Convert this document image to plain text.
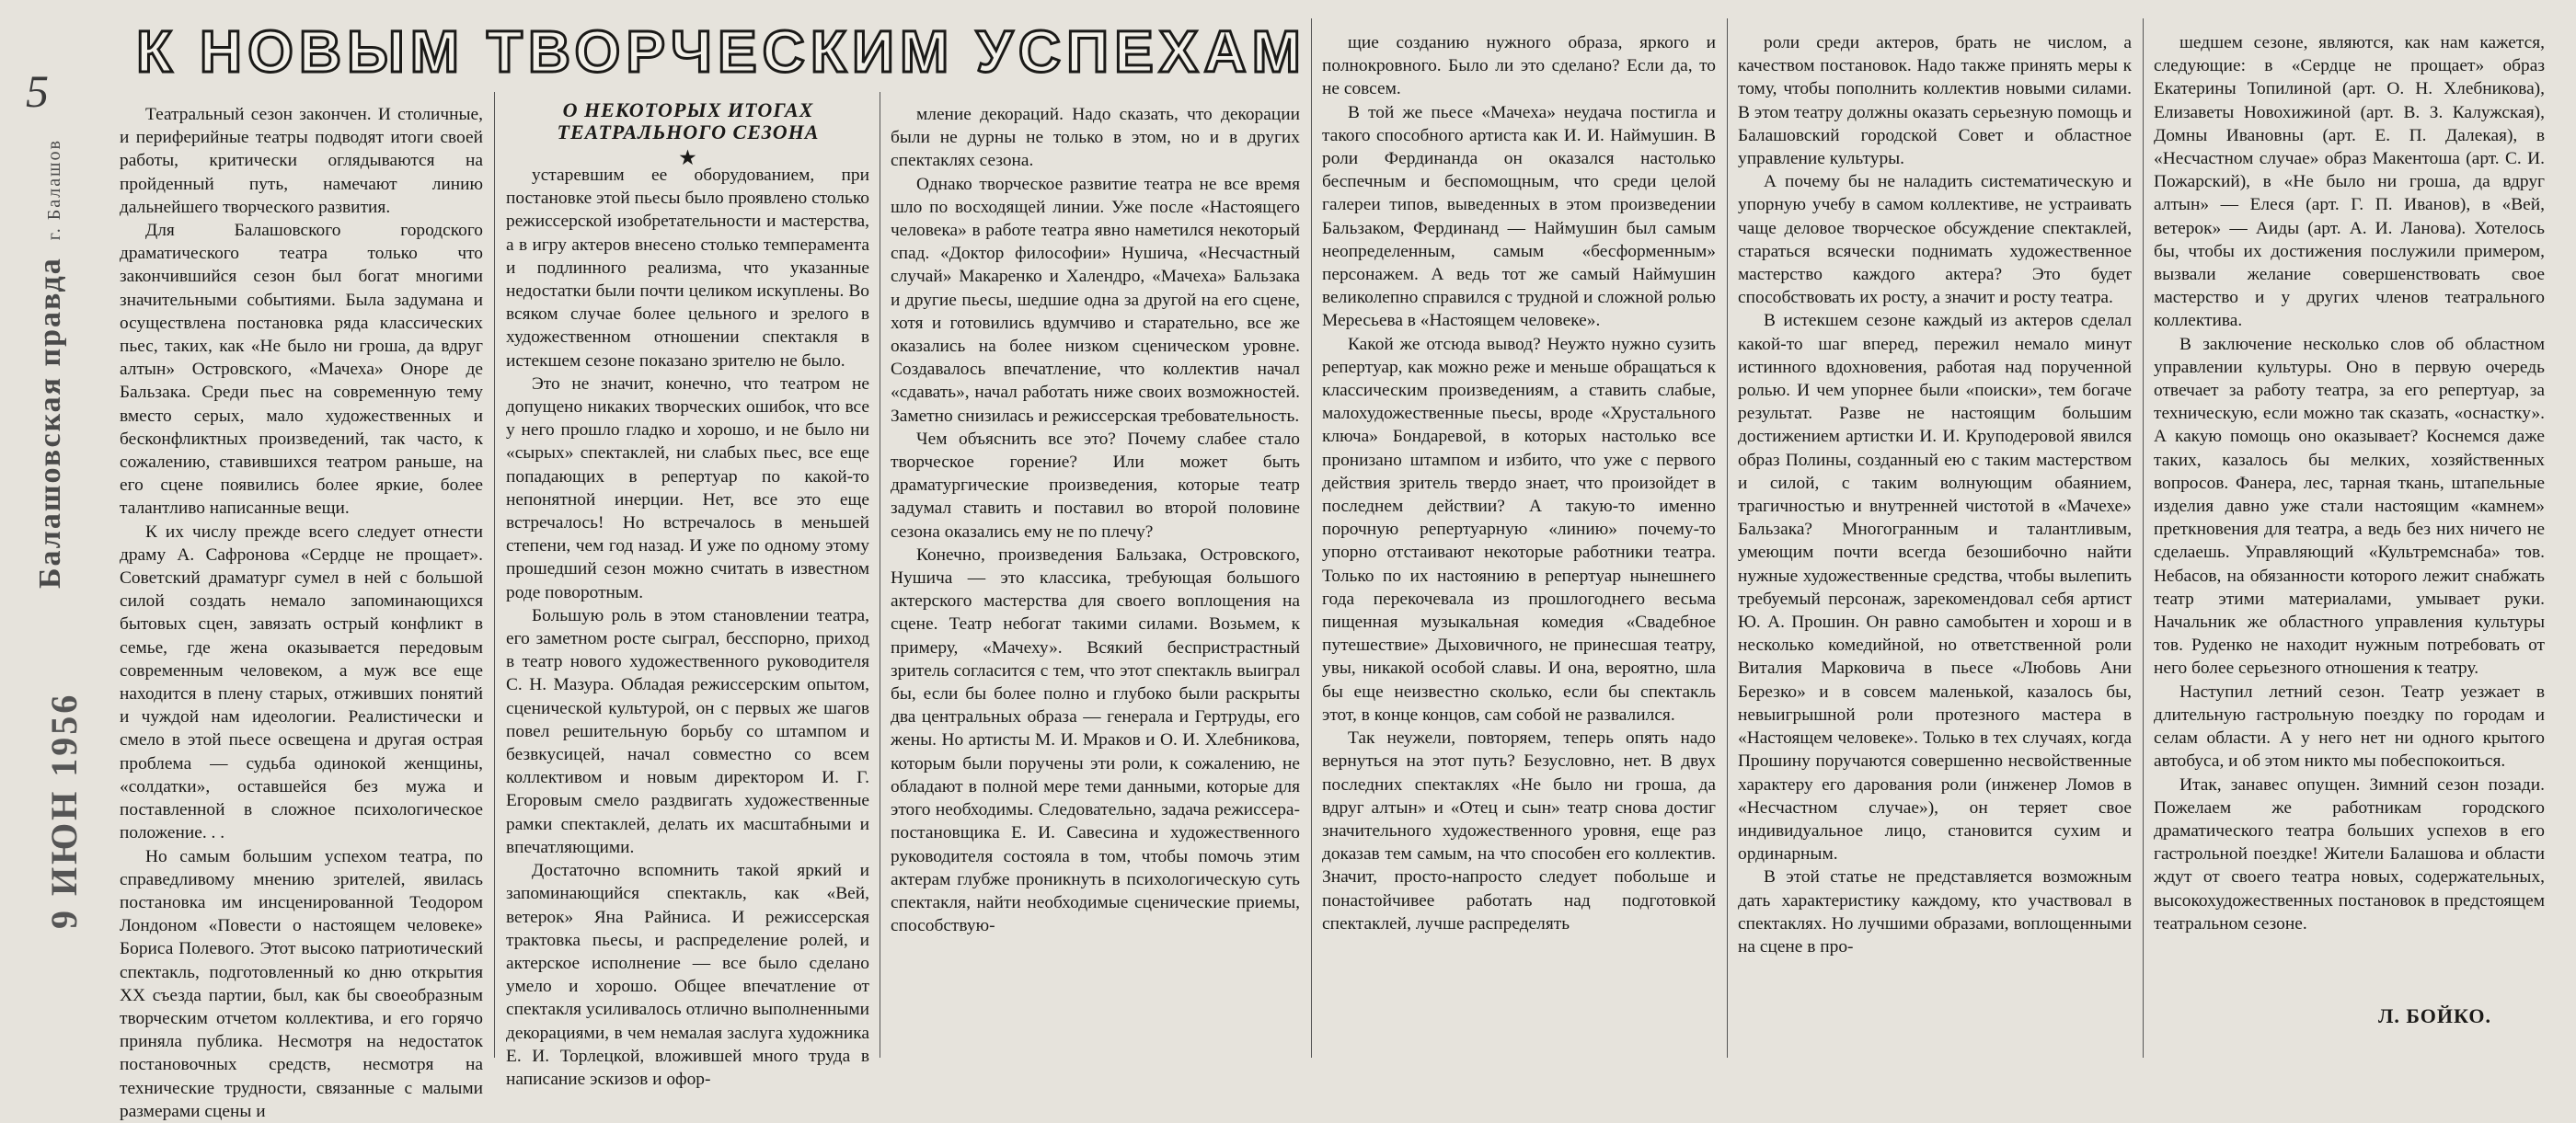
5
Балашовская правдаг. Балашов
9 ИЮН 1956
К НОВЫМ ТВОРЧЕСКИМ УСПЕХАМ
О НЕКОТОРЫХ ИТОГАХ
ТЕАТРАЛЬНОГО СЕЗОНА
★

Театральный сезон закончен. И столичные, и периферийные театры подводят итоги своей работы, критически оглядываются на пройденный путь, намечают линию дальнейшего творческого развития.

Для Балашовского городского драматического театра только что закончившийся сезон был богат многими значительными событиями. Была задумана и осуществлена постановка ряда классических пьес, таких, как «Не было ни гроша, да вдруг алтын» Островского, «Мачеха» Оноре де Бальзака. Среди пьес на современную тему вместо серых, мало художественных и бесконфликтных произведений, так часто, к сожалению, ставившихся театром раньше, на его сцене появились более яркие, более талантливо написанные вещи.

К их числу прежде всего следует отнести драму А. Сафронова «Сердце не прощает». Советский драматург сумел в ней с большой силой создать немало запоминающихся бытовых сцен, завязать острый конфликт в семье, где жена оказывается передовым современным человеком, а муж все еще находится в плену старых, отживших понятий и чуждой нам идеологии. Реалистически и смело в этой пьесе освещена и другая острая проблема — судьба одинокой женщины, «солдатки», оставшейся без мужа и поставленной в сложное психологическое положение. . .

Но самым большим успехом театра, по справедливому мнению зрителей, явилась постановка им инсценированной Теодором Лондоном «Повести о настоящем человеке» Бориса Полевого. Этот высоко патриотический спектакль, подготовленный ко дню открытия XX съезда партии, был, как бы своеобразным творческим отчетом коллектива, и его горячо приняла публика. Несмотря на недостаток постановочных средств, несмотря на технические трудности, связанные с малыми размерами сцены и

устаревшим ее оборудованием, при постановке этой пьесы было проявлено столько режиссерской изобретательности и мастерства, а в игру актеров внесено столько темперамента и подлинного реализма, что указанные недостатки были почти целиком искуплены. Во всяком случае более цельного и зрелого в художественном отношении спектакля в истекшем сезоне показано зрителю не было.

Это не значит, конечно, что театром не допущено никаких творческих ошибок, что все у него прошло гладко и хорошо, и не было ни «сырых» спектаклей, ни слабых пьес, все еще попадающих в репертуар по какой-то непонятной инерции. Нет, все это еще встречалось! Но встречалось в меньшей степени, чем год назад. И уже по одному этому прошедший сезон можно считать в известном роде поворотным.

Большую роль в этом становлении театра, его заметном росте сыграл, бесспорно, приход в театр нового художественного руководителя С. Н. Мазура. Обладая режиссерским опытом, сценической культурой, он с первых же шагов повел решительную борьбу со штампом и безвкусицей, начал совместно со всем коллективом и новым директором И. Г. Егоровым смело раздвигать художественные рамки спектаклей, делать их масштабными и впечатляющими.

Достаточно вспомнить такой яркий и запоминающийся спектакль, как «Вей, ветерок» Яна Райниса. И режиссерская трактовка пьесы, и распределение ролей, и актерское исполнение — все было сделано умело и хорошо. Общее впечатление от спектакля усиливалось отлично выполненными декорациями, в чем немалая заслуга художника Е. И. Торлецкой, вложившей много труда в написание эскизов и офор-

мление декораций. Надо сказать, что декорации были не дурны не только в этом, но и в других спектаклях сезона.

Однако творческое развитие театра не все время шло по восходящей линии. Уже после «Настоящего человека» в работе театра явно наметился некоторый спад. «Доктор философии» Нушича, «Несчастный случай» Макаренко и Халендро, «Мачеха» Бальзака и другие пьесы, шедшие одна за другой на его сцене, хотя и готовились вдумчиво и старательно, все же оказались на более низком сценическом уровне. Создавалось впечатление, что коллектив начал «сдавать», начал работать ниже своих возможностей. Заметно снизилась и режиссерская требовательность.

Чем объяснить все это? Почему слабее стало творческое горение? Или может быть драматургические произведения, которые театр задумал ставить и поставил во второй половине сезона оказались ему не по плечу?

Конечно, произведения Бальзака, Островского, Нушича — это классика, требующая большого актерского мастерства для своего воплощения на сцене. Театр небогат такими силами. Возьмем, к примеру, «Мачеху». Всякий беспристрастный зритель согласится с тем, что этот спектакль выиграл бы, если бы более полно и глубоко были раскрыты два центральных образа — генерала и Гертруды, его жены. Но артисты М. И. Мраков и О. И. Хлебникова, которым были поручены эти роли, к сожалению, не обладают в полной мере теми данными, которые для этого необходимы. Следовательно, задача режиссера-постановщика Е. И. Савесина и художественного руководителя состояла в том, чтобы помочь этим актерам глубже проникнуть в психологическую суть спектакля, найти необходимые сценические приемы, способствую-

щие созданию нужного образа, яркого и полнокровного. Было ли это сделано? Если да, то не совсем.

В той же пьесе «Мачеха» неудача постигла и такого способного артиста как И. И. Наймушин. В роли Фердинанда он оказался настолько беспечным и беспомощным, что среди целой галереи типов, выведенных в этом произведении Бальзаком, Фердинанд — Наймушин был самым неопределенным, самым «бесформенным» персонажем. А ведь тот же самый Наймушин великолепно справился с трудной и сложной ролью Мересьева в «Настоящем человеке».

Какой же отсюда вывод? Неужто нужно сузить репертуар, как можно реже и меньше обращаться к классическим произведениям, а ставить слабые, малохудожественные пьесы, вроде «Хрустального ключа» Бондаревой, в которых настолько все пронизано штампом и избито, что уже с первого действия зритель твердо знает, что произойдет в последнем действии? А такую-то именно порочную репертуарную «линию» почему-то упорно отстаивают некоторые работники театра. Только по их настоянию в репертуар нынешнего года перекочевала из прошлогоднего весьма пищенная музыкальная комедия «Свадебное путешествие» Дыховичного, не принесшая театру, увы, никакой особой славы. И она, вероятно, шла бы еще неизвестно сколько, если бы спектакль этот, в конце концов, сам собой не развалился.

Так неужели, повторяем, теперь опять надо вернуться на этот путь? Безусловно, нет. В двух последних спектаклях «Не было ни гроша, да вдруг алтын» и «Отец и сын» театр снова достиг значительного художественного уровня, еще раз доказав тем самым, на что способен его коллектив. Значит, просто-напросто следует побольше и понастойчивее работать над подготовкой спектаклей, лучше распределять

роли среди актеров, брать не числом, а качеством постановок. Надо также принять меры к тому, чтобы пополнить коллектив новыми силами. В этом театру должны оказать серьезную помощь и Балашовский городской Совет и областное управление культуры.

А почему бы не наладить систематическую и упорную учебу в самом коллективе, не устраивать чаще деловое творческое обсуждение спектаклей, стараться всячески поднимать художественное мастерство каждого актера? Это будет способствовать их росту, а значит и росту театра.

В истекшем сезоне каждый из актеров сделал какой-то шаг вперед, пережил немало минут истинного вдохновения, работая над порученной ролью. И чем упорнее были «поиски», тем богаче результат. Разве не настоящим большим достижением артистки И. И. Круподеровой явился образ Полины, созданный ею с таким мастерством и силой, с таким волнующим обаянием, трагичностью и внутренней чистотой в «Мачехе» Бальзака? Многогранным и талантливым, умеющим почти всегда безошибочно найти нужные художественные средства, чтобы вылепить требуемый персонаж, зарекомендовал себя артист Ю. А. Прошин. Он равно самобытен и хорош и в несколько комедийной, но ответственной роли Виталия Марковича в пьесе «Любовь Ани Березко» и в совсем маленькой, казалось бы, невыигрышной роли протезного мастера в «Настоящем человеке». Только в тех случаях, когда Прошину поручаются совершенно несвойственные характеру его дарования роли (инженер Ломов в «Несчастном случае»), он теряет свое индивидуальное лицо, становится сухим и ординарным.

В этой статье не представляется возможным дать характеристику каждому, кто участвовал в спектаклях. Но лучшими образами, воплощенными на сцене в про-

шедшем сезоне, являются, как нам кажется, следующие: в «Сердце не прощает» образ Екатерины Топилиной (арт. О. Н. Хлебникова), Елизаветы Новохижиной (арт. В. З. Калужская), Домны Ивановны (арт. Е. П. Далекая), в «Несчастном случае» образ Макентоша (арт. С. И. Пожарский), в «Не было ни гроша, да вдруг алтын» — Елеся (арт. Г. П. Иванов), в «Вей, ветерок» — Аиды (арт. А. И. Ланова). Хотелось бы, чтобы их достижения послужили примером, вызвали желание совершенствовать свое мастерство и у других членов театрального коллектива.

В заключение несколько слов об областном управлении культуры. Оно в первую очередь отвечает за работу театра, за его репертуар, за техническую, если можно так сказать, «оснастку». А какую помощь оно оказывает? Коснемся даже таких, казалось бы мелких, хозяйственных вопросов. Фанера, лес, тарная ткань, штапельные изделия давно уже стали настоящим «камнем» преткновения для театра, а ведь без них ничего не сделаешь. Управляющий «Культремснаба» тов. Небасов, на обязанности которого лежит снабжать театр этими материалами, умывает руки. Начальник же областного управления культуры тов. Руденко не находит нужным потребовать от него более серьезного отношения к театру.

Наступил летний сезон. Театр уезжает в длительную гастрольную поездку по городам и селам области. А у него нет ни одного крытого автобуса, и об этом никто мы побеспокоиться.

Итак, занавес опущен. Зимний сезон позади. Пожелаем же работникам городского драматического театра больших успехов в его гастрольной поездке! Жители Балашова и области ждут от своего театра новых, содержательных, высокохудожественных постановок в предстоящем театральном сезоне.

Л. БОЙКО.
